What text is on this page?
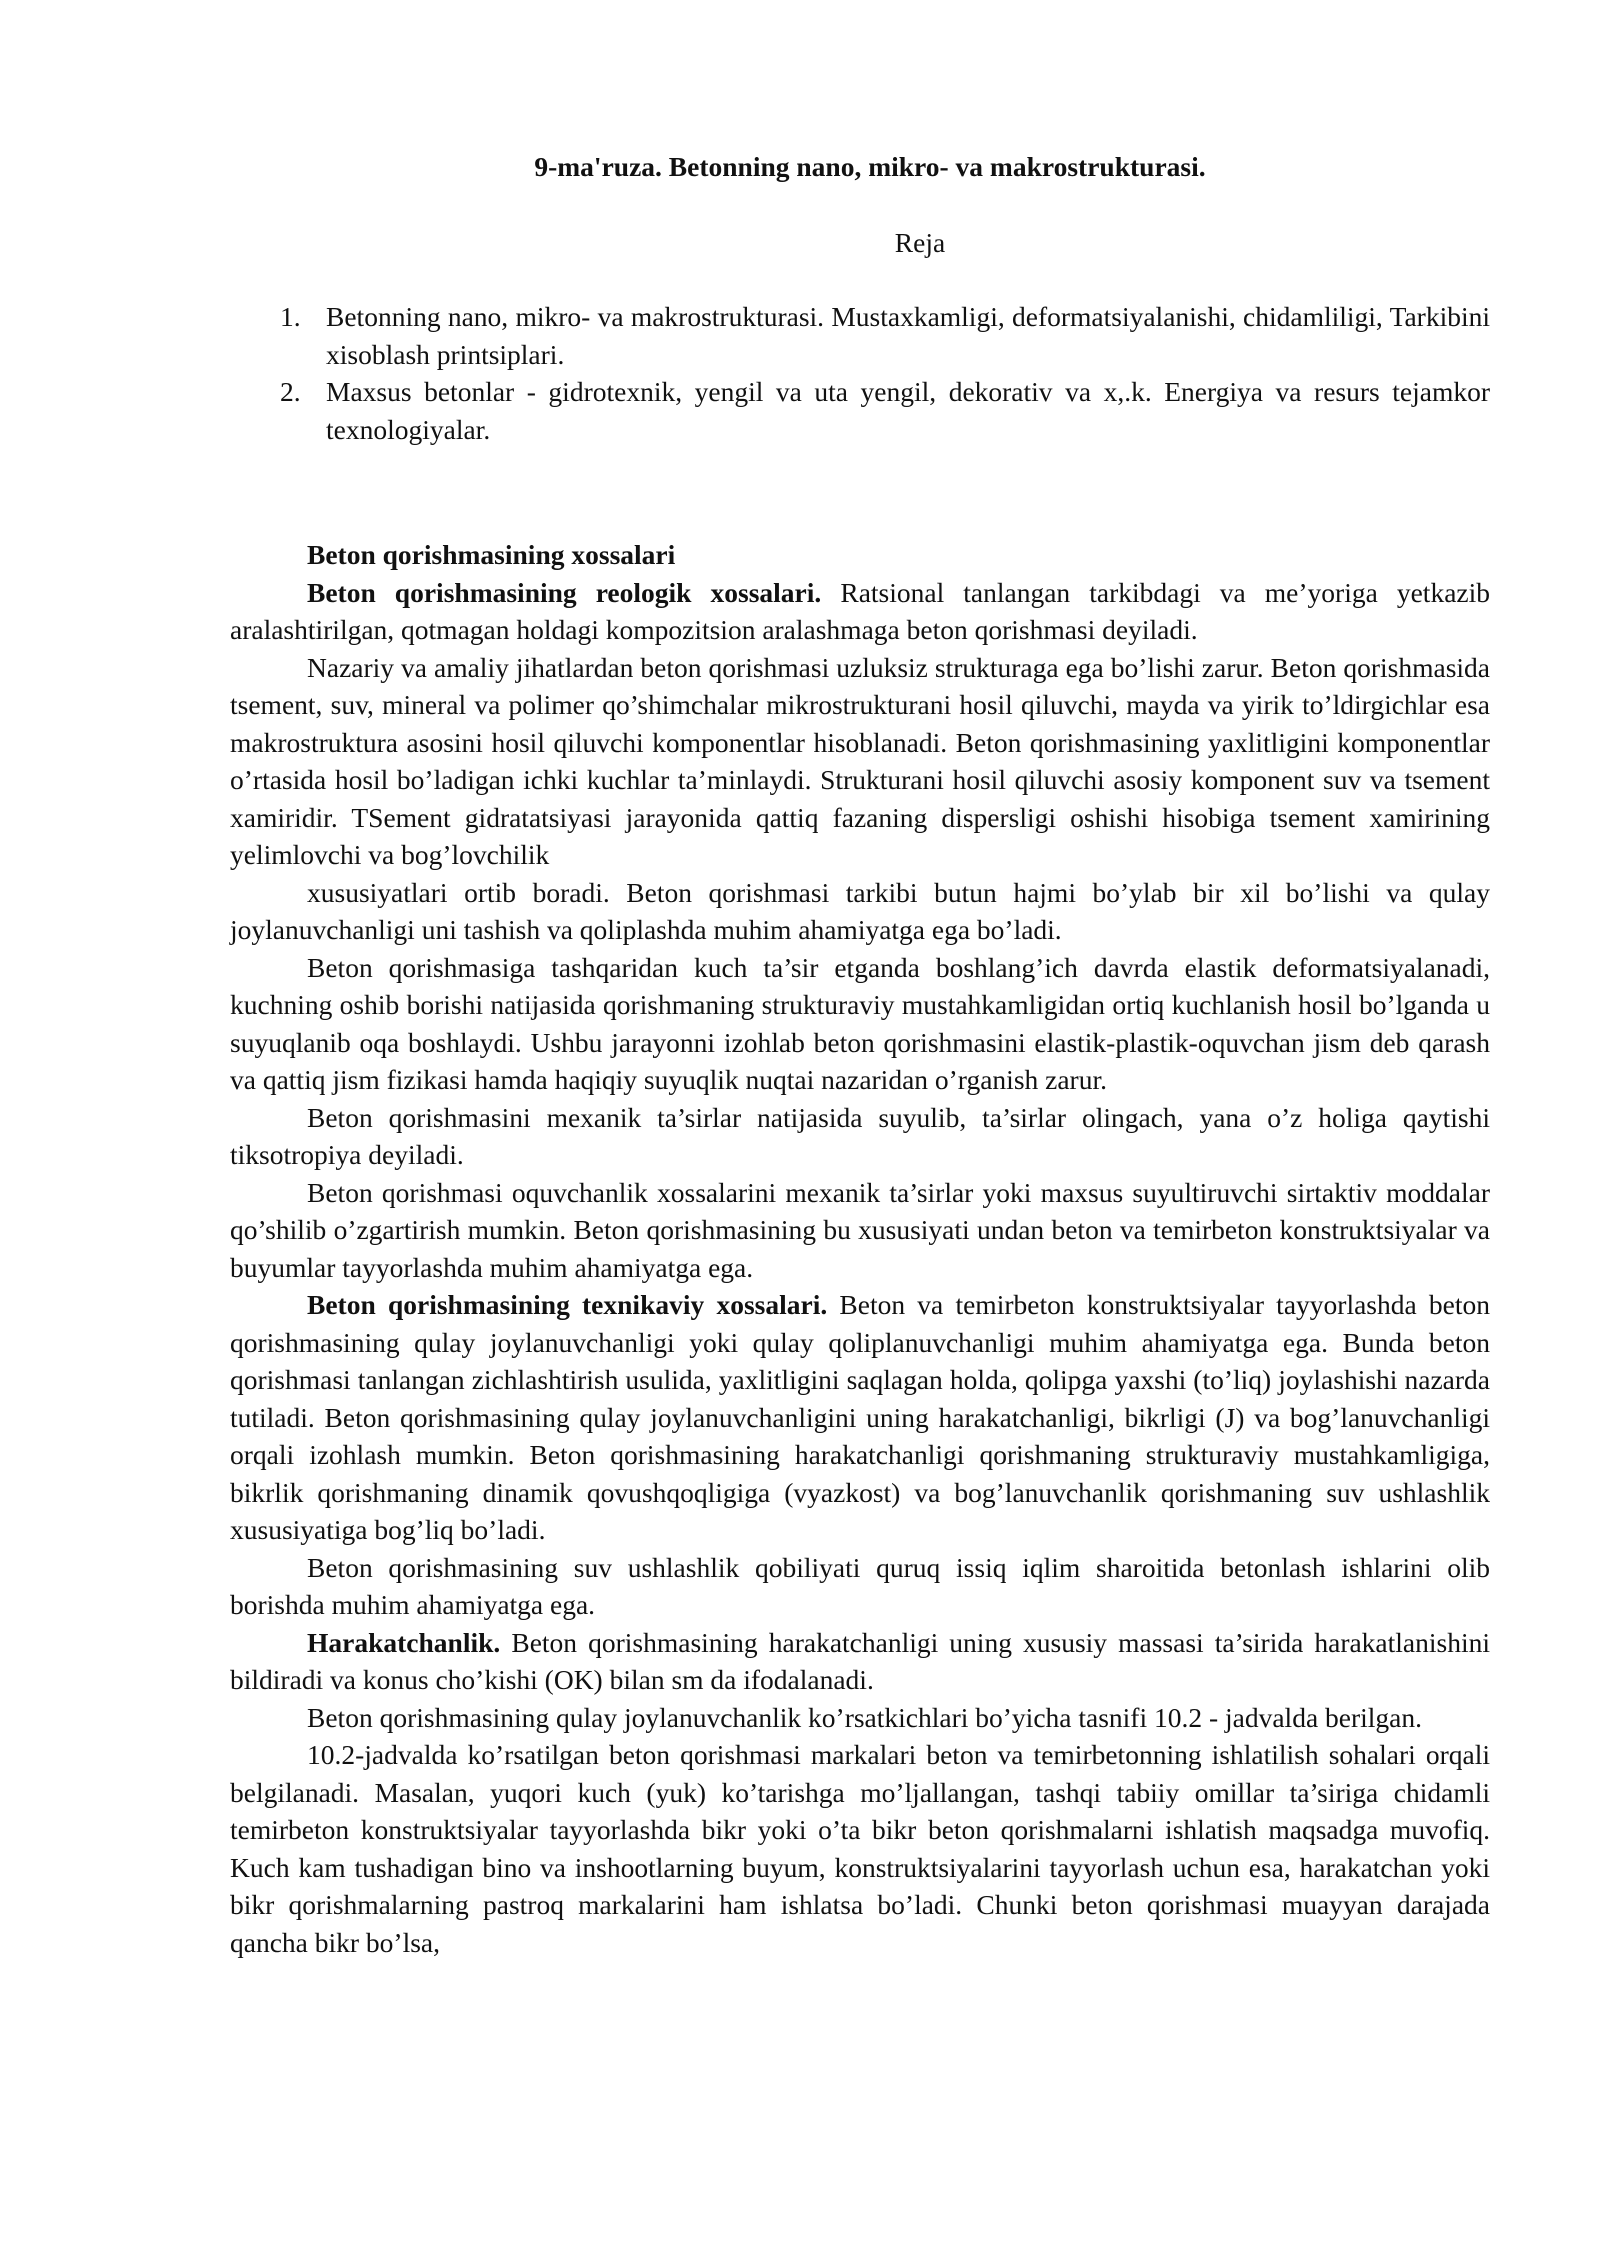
9-ma'ruza. Betonning nano, mikro- va makrostrukturasi.

Reja

1. Betonning nano, mikro- va makrostrukturasi. Mustaxkamligi, deformatsiyalanishi, chidamliligi, Tarkibini xisoblash printsiplari.
2. Maxsus betonlar - gidrotexnik, yengil va uta yengil, dekorativ va x,.k. Energiya va resurs tejamkor texnologiyalar.

Beton qorishmasining xossalari

Beton qorishmasining reologik xossalari. Ratsional tanlangan tarkibdagi va me’yoriga yetkazib aralashtirilgan, qotmagan holdagi kompozitsion aralashmaga beton qorishmasi deyiladi.

Nazariy va amaliy jihatlardan beton qorishmasi uzluksiz strukturaga ega bo’lishi zarur. Beton qorishmasida tsement, suv, mineral va polimer qo’shimchalar mikrostrukturani hosil qiluvchi, mayda va yirik to’ldirgichlar esa makrostruktura asosini hosil qiluvchi komponentlar hisoblanadi. Beton qorishmasining yaxlitligini komponentlar o’rtasida hosil bo’ladigan ichki kuchlar ta’minlaydi. Strukturani hosil qiluvchi asosiy komponent suv va tsement xamiridir. TSement gidratatsiyasi jarayonida qattiq fazaning dispersligi oshishi hisobiga tsement xamirining yelimlovchi va bog’lovchilik

xususiyatlari ortib boradi. Beton qorishmasi tarkibi butun hajmi bo’ylab bir xil bo’lishi va qulay joylanuvchanligi uni tashish va qoliplashda muhim ahamiyatga ega bo’ladi.

Beton qorishmasiga tashqaridan kuch ta’sir etganda boshlang’ich davrda elastik deformatsiyalanadi, kuchning oshib borishi natijasida qorishmaning strukturaviy mustahkamligidan ortiq kuchlanish hosil bo’lganda u suyuqlanib oqa boshlaydi. Ushbu jarayonni izohlab beton qorishmasini elastik-plastik-oquvchan jism deb qarash va qattiq jism fizikasi hamda haqiqiy suyuqlik nuqtai nazaridan o’rganish zarur.

Beton qorishmasini mexanik ta’sirlar natijasida suyulib, ta’sirlar olingach, yana o’z holiga qaytishi tiksotropiya deyiladi.

Beton qorishmasi oquvchanlik xossalarini mexanik ta’sirlar yoki maxsus suyultiruvchi sirtaktiv moddalar qo’shilib o’zgartirish mumkin. Beton qorishmasining bu xususiyati undan beton va temirbeton konstruktsiyalar va buyumlar tayyorlashda muhim ahamiyatga ega.

Beton qorishmasining texnikaviy xossalari. Beton va temirbeton konstruktsiyalar tayyorlashda beton qorishmasining qulay joylanuvchanligi yoki qulay qoliplanuvchanligi muhim ahamiyatga ega. Bunda beton qorishmasi tanlangan zichlashtirish usulida, yaxlitligini saqlagan holda, qolipga yaxshi (to’liq) joylashishi nazarda tutiladi. Beton qorishmasining qulay joylanuvchanligini uning harakatchanligi, bikrligi (J) va bog’lanuvchanligi orqali izohlash mumkin. Beton qorishmasining harakatchanligi qorishmaning strukturaviy mustahkamligiga, bikrlik qorishmaning dinamik qovushqoqligiga (vyazkost) va bog’lanuvchanlik qorishmaning suv ushlashlik xususiyatiga bog’liq bo’ladi.

Beton qorishmasining suv ushlashlik qobiliyati quruq issiq iqlim sharoitida betonlash ishlarini olib borishda muhim ahamiyatga ega.

Harakatchanlik. Beton qorishmasining harakatchanligi uning xususiy massasi ta’sirida harakatlanishini bildiradi va konus cho’kishi (OK) bilan sm da ifodalanadi.

Beton qorishmasining qulay joylanuvchanlik ko’rsatkichlari bo’yicha tasnifi 10.2 - jadvalda berilgan.

10.2-jadvalda ko’rsatilgan beton qorishmasi markalari beton va temirbetonning ishlatilish sohalari orqali belgilanadi. Masalan, yuqori kuch (yuk) ko’tarishga mo’ljallangan, tashqi tabiiy omillar ta’siriga chidamli temirbeton konstruktsiyalar tayyorlashda bikr yoki o’ta bikr beton qorishmalarni ishlatish maqsadga muvofiq. Kuch kam tushadigan bino va inshootlarning buyum, konstruktsiyalarini tayyorlash uchun esa, harakatchan yoki bikr qorishmalarning pastroq markalarini ham ishlatsa bo’ladi. Chunki beton qorishmasi muayyan darajada qancha bikr bo’lsa,
